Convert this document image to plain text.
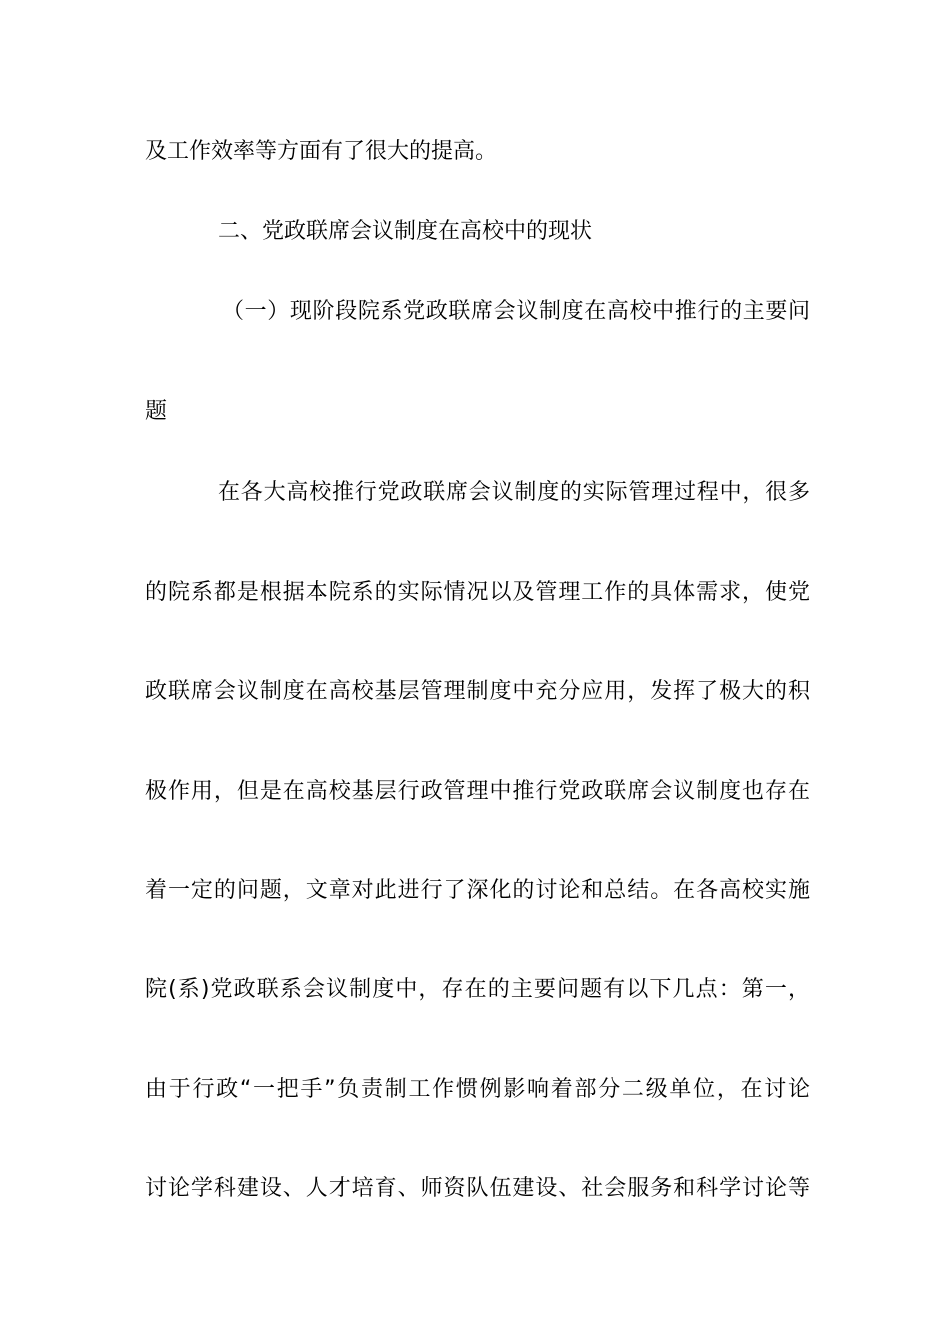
及工作效率等方面有了很大的提高。
二、党政联席会议制度在高校中的现状
（一）现阶段院系党政联席会议制度在高校中推行的主要问
题
在各大高校推行党政联席会议制度的实际管理过程中，很多
的院系都是根据本院系的实际情况以及管理工作的具体需求，使党
政联席会议制度在高校基层管理制度中充分应用，发挥了极大的积
极作用，但是在高校基层行政管理中推行党政联席会议制度也存在
着一定的问题，文章对此进行了深化的讨论和总结。在各高校实施
院(系)党政联系会议制度中，存在的主要问题有以下几点：第一，
由于行政“一把手”负责制工作惯例影响着部分二级单位，在讨论
讨论学科建设、人才培育、师资队伍建设、社会服务和科学讨论等
